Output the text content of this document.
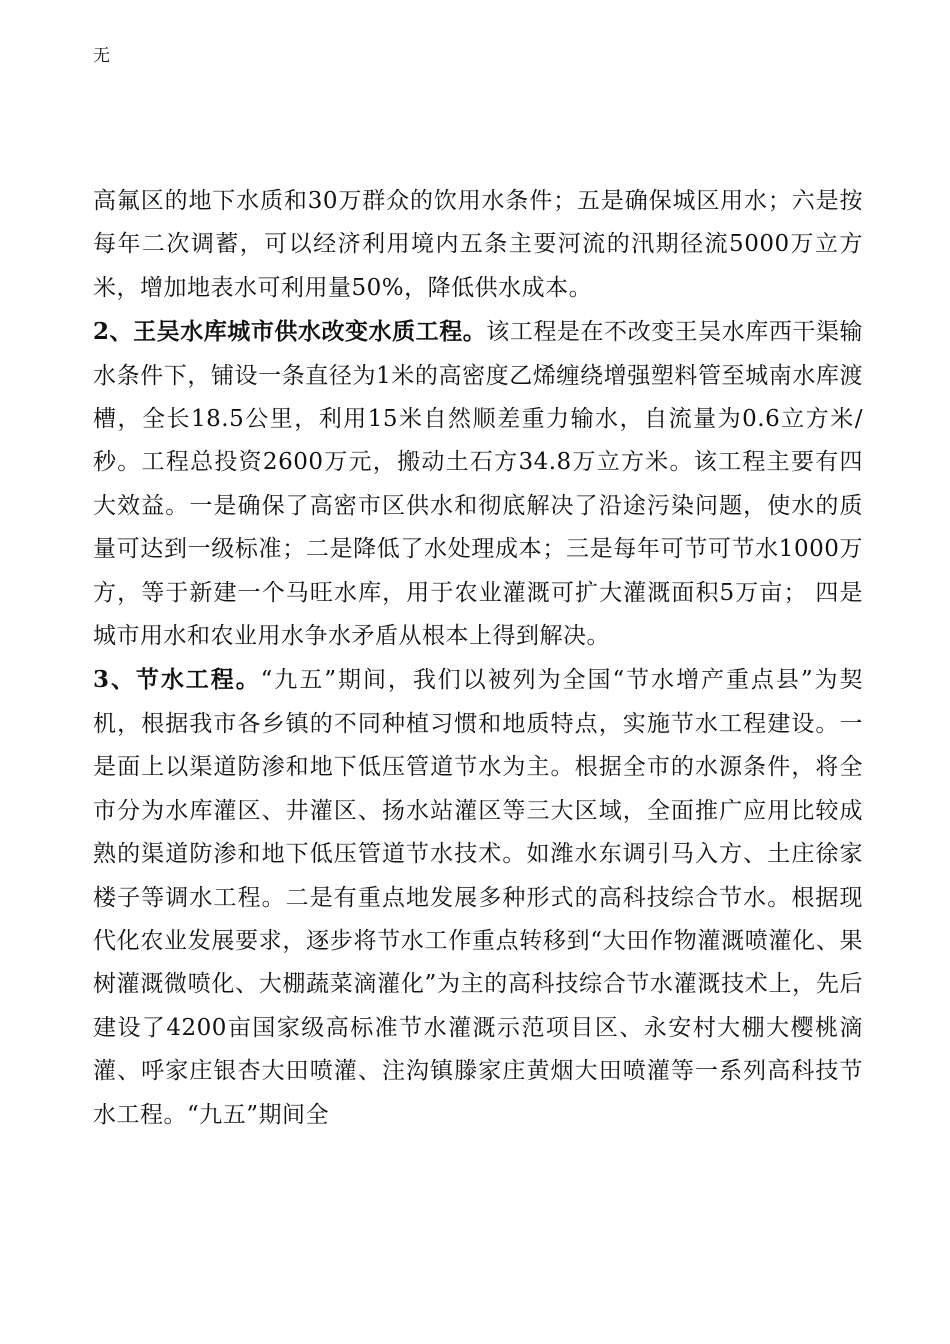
无

高氟区的地下水质和30万群众的饮用水条件；五是确保城区用水；六是按每年二次调蓄，可以经济利用境内五条主要河流的汛期径流5000万立方米，增加地表水可利用量50%，降低供水成本。

2、王吴水库城市供水改变水质工程。该工程是在不改变王吴水库西干渠输水条件下，铺设一条直径为1米的高密度乙烯缠绕增强塑料管至城南水库渡槽，全长18.5公里，利用15米自然顺差重力输水，自流量为0.6立方米/秒。工程总投资2600万元，搬动土石方34.8万立方米。该工程主要有四大效益。一是确保了高密市区供水和彻底解决了沿途污染问题，使水的质量可达到一级标准；二是降低了水处理成本；三是每年可节可节水1000万方，等于新建一个马旺水库，用于农业灌溉可扩大灌溉面积5万亩； 四是城市用水和农业用水争水矛盾从根本上得到解决。

3、节水工程。“九五”期间，我们以被列为全国“节水增产重点县”为契机，根据我市各乡镇的不同种植习惯和地质特点，实施节水工程建设。一是面上以渠道防渗和地下低压管道节水为主。根据全市的水源条件，将全市分为水库灌区、井灌区、扬水站灌区等三大区域，全面推广应用比较成熟的渠道防渗和地下低压管道节水技术。如潍水东调引马入方、土庄徐家楼子等调水工程。二是有重点地发展多种形式的高科技综合节水。根据现代化农业发展要求，逐步将节水工作重点转移到“大田作物灌溉喷灌化、果树灌溉微喷化、大棚蔬菜滴灌化”为主的高科技综合节水灌溉技术上，先后建设了4200亩国家级高标准节水灌溉示范项目区、永安村大棚大樱桃滴灌、呼家庄银杏大田喷灌、注沟镇滕家庄黄烟大田喷灌等一系列高科技节水工程。“九五”期间全
